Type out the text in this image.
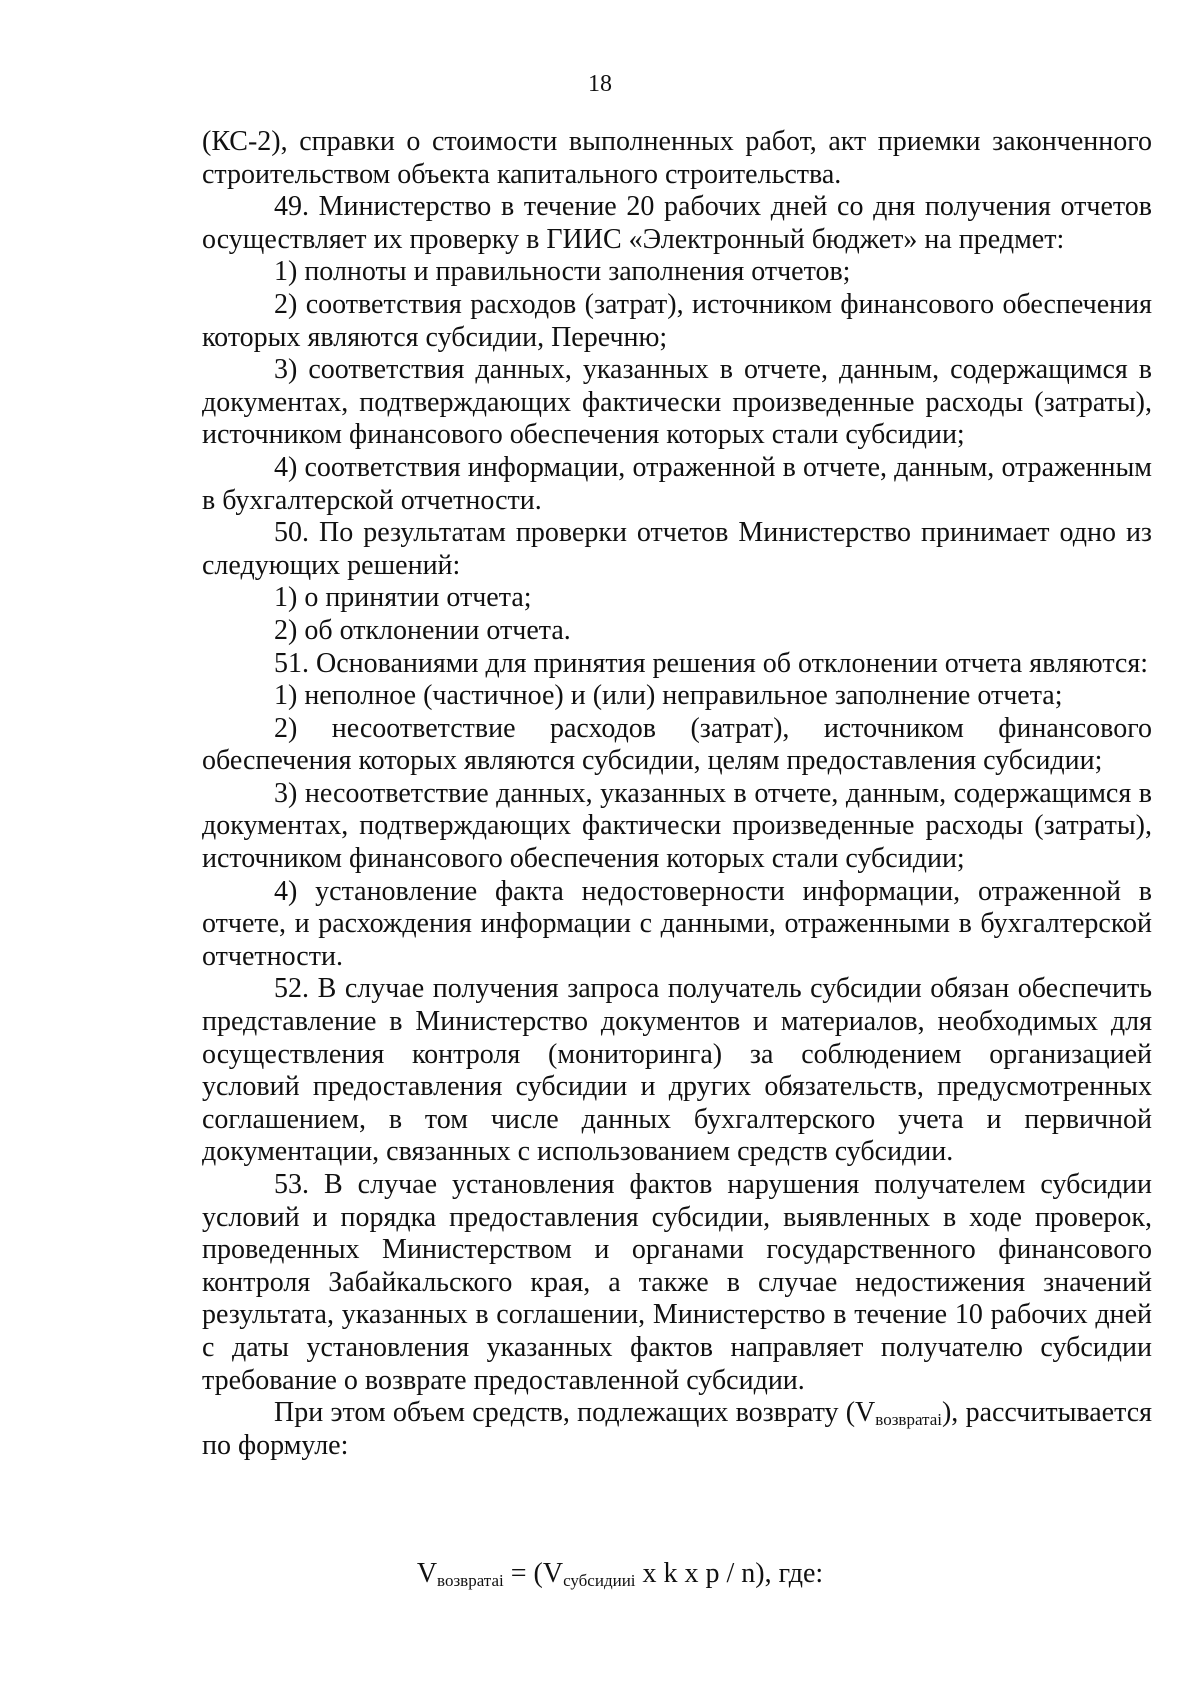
18

(КС-2), справки о стоимости выполненных работ, акт приемки законченного строительством объекта капитального строительства.

49. Министерство в течение 20 рабочих дней со дня получения отчетов осуществляет их проверку в ГИИС «Электронный бюджет» на предмет:

1) полноты и правильности заполнения отчетов;

2) соответствия расходов (затрат), источником финансового обеспечения которых являются субсидии, Перечню;

3) соответствия данных, указанных в отчете, данным, содержащимся в документах, подтверждающих фактически произведенные расходы (затраты), источником финансового обеспечения которых стали субсидии;

4) соответствия информации, отраженной в отчете, данным, отраженным в бухгалтерской отчетности.

50. По результатам проверки отчетов Министерство принимает одно из следующих решений:

1) о принятии отчета;

2) об отклонении отчета.

51. Основаниями для принятия решения об отклонении отчета являются:

1) неполное (частичное) и (или) неправильное заполнение отчета;

2) несоответствие расходов (затрат), источником финансового обеспечения которых являются субсидии, целям предоставления субсидии;

3) несоответствие данных, указанных в отчете, данным, содержащимся в документах, подтверждающих фактически произведенные расходы (затраты), источником финансового обеспечения которых стали субсидии;

4) установление факта недостоверности информации, отраженной в отчете, и расхождения информации с данными, отраженными в бухгалтерской отчетности.

52. В случае получения запроса получатель субсидии обязан обеспечить представление в Министерство документов и материалов, необходимых для осуществления контроля (мониторинга) за соблюдением организацией условий предоставления субсидии и других обязательств, предусмотренных соглашением, в том числе данных бухгалтерского учета и первичной документации, связанных с использованием средств субсидии.

53. В случае установления фактов нарушения получателем субсидии условий и порядка предоставления субсидии, выявленных в ходе проверок, проведенных Министерством и органами государственного финансового контроля Забайкальского края, а также в случае недостижения значений результата, указанных в соглашении, Министерство в течение 10 рабочих дней с даты установления указанных фактов направляет получателю субсидии требование о возврате предоставленной субсидии.

При этом объем средств, подлежащих возврату $(V_{возвратаi})$, рассчитывается по формуле:

$V_{возвратаi} = (V_{субсидииi}$ x k x p / n), где:
